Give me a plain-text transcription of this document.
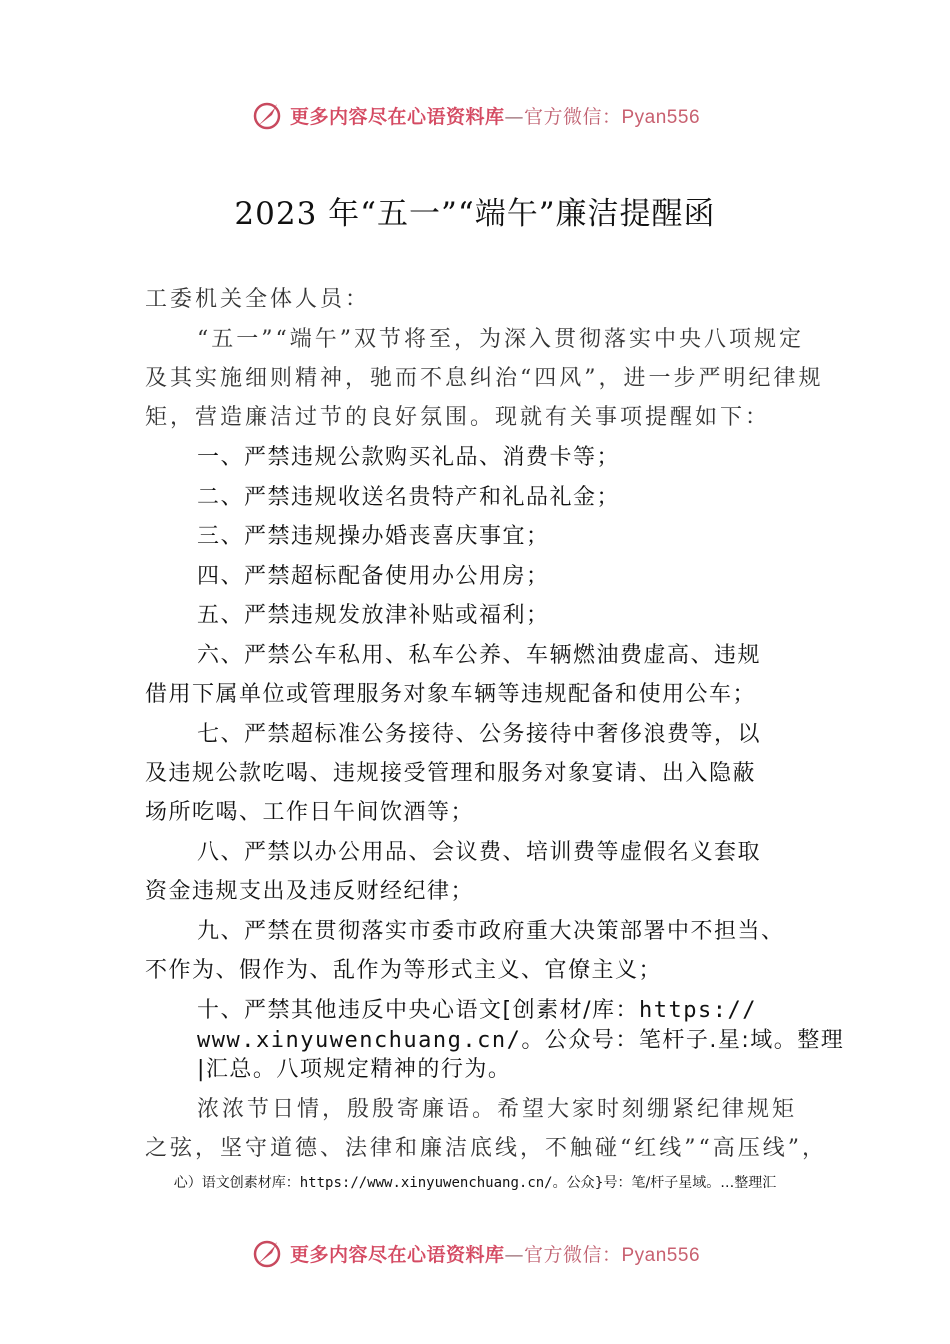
更多内容尽在心语资料库—官方微信：Pyan556
2023 年“五一”“端午”廉洁提醒函
工委机关全体人员：
“五一”“端午”双节将至，为深入贯彻落实中央八项规定
及其实施细则精神，驰而不息纠治“四风”，进一步严明纪律规
矩，营造廉洁过节的良好氛围。现就有关事项提醒如下：
一、严禁违规公款购买礼品、消费卡等；
二、严禁违规收送名贵特产和礼品礼金；
三、严禁违规操办婚丧喜庆事宜；
四、严禁超标配备使用办公用房；
五、严禁违规发放津补贴或福利；
六、严禁公车私用、私车公养、车辆燃油费虚高、违规
借用下属单位或管理服务对象车辆等违规配备和使用公车；
七、严禁超标准公务接待、公务接待中奢侈浪费等，以
及违规公款吃喝、违规接受管理和服务对象宴请、出入隐蔽
场所吃喝、工作日午间饮酒等；
八、严禁以办公用品、会议费、培训费等虚假名义套取
资金违规支出及违反财经纪律；
九、严禁在贯彻落实市委市政府重大决策部署中不担当、
不作为、假作为、乱作为等形式主义、官僚主义；
十、严禁其他违反中央心语文[创素材/库：https://
www.xinyuwenchuang.cn/。公众号：笔杆子.星:域。整理
|汇总。八项规定精神的行为。
浓浓节日情，殷殷寄廉语。希望大家时刻绷紧纪律规矩
之弦，坚守道德、法律和廉洁底线，不触碰“红线”“高压线”，
心）语文创素材库：https://www.xinyuwenchuang.cn/。公众}号：笔/杆子星域。…整理汇
更多内容尽在心语资料库—官方微信：Pyan556
